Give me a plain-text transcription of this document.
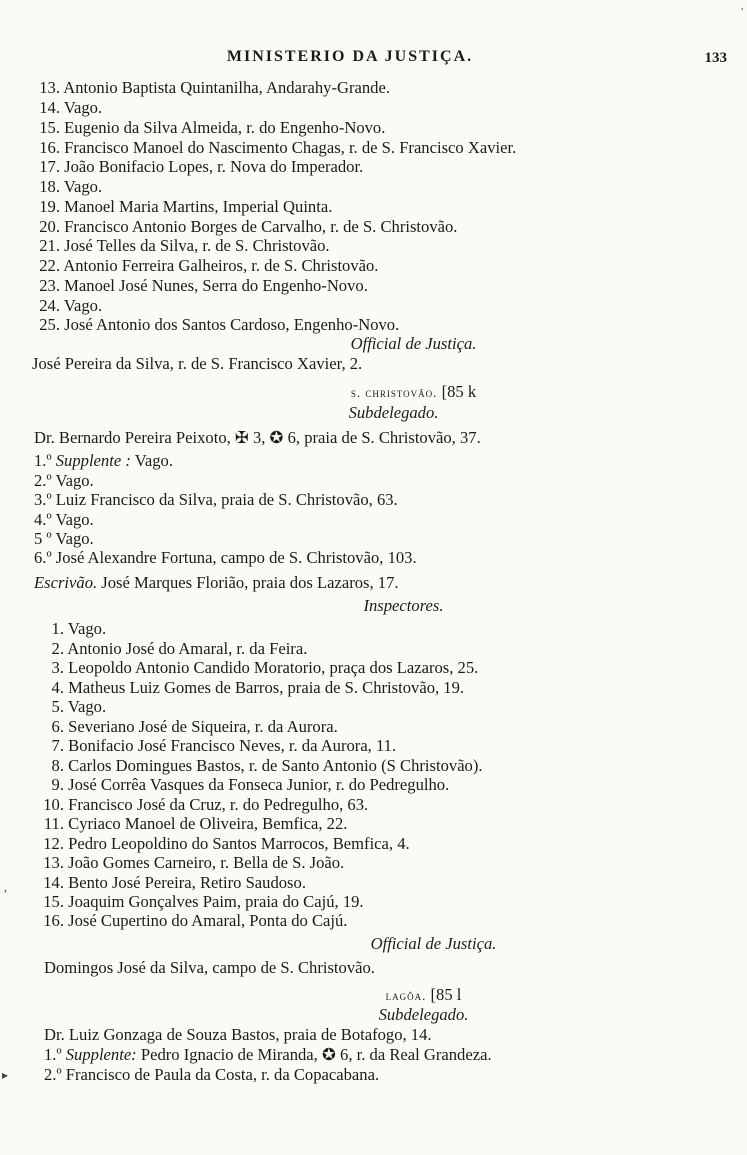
'
MINISTERIO DA JUSTIÇA.	133
13. Antonio Baptista Quintanilha, Andarahy-Grande.
14. Vago.
15. Eugenio da Silva Almeida, r. do Engenho-Novo.
16. Francisco Manoel do Nascimento Chagas, r. de S. Francisco Xavier.
17. João Bonifacio Lopes, r. Nova do Imperador.
18. Vago.
19. Manoel Maria Martins, Imperial Quinta.
20. Francisco Antonio Borges de Carvalho, r. de S. Christovão.
21. José Telles da Silva, r. de S. Christovão.
22. Antonio Ferreira Galheiros, r. de S. Christovão.
23. Manoel José Nunes, Serra do Engenho-Novo.
24. Vago.
25. José Antonio dos Santos Cardoso, Engenho-Novo.
Official de Justiça.
José Pereira da Silva, r. de S. Francisco Xavier, 2.
s. christovão. [85 k
Subdelegado.
Dr. Bernardo Pereira Peixoto, ✠ 3, ✪ 6, praia de S. Christovão, 37.
1.º Supplente : Vago.
2.º Vago.
3.º Luiz Francisco da Silva, praia de S. Christovão, 63.
4.º Vago.
5 º Vago.
6.º José Alexandre Fortuna, campo de S. Christovão, 103.
Escrivão. José Marques Florião, praia dos Lazaros, 17.
Inspectores.
1. Vago.
2. Antonio José do Amaral, r. da Feira.
3. Leopoldo Antonio Candido Moratorio, praça dos Lazaros, 25.
4. Matheus Luiz Gomes de Barros, praia de S. Christovão, 19.
5. Vago.
6. Severiano José de Siqueira, r. da Aurora.
7. Bonifacio José Francisco Neves, r. da Aurora, 11.
8. Carlos Domingues Bastos, r. de Santo Antonio (S Christovão).
9. José Corrêa Vasques da Fonseca Junior, r. do Pedregulho.
10. Francisco José da Cruz, r. do Pedregulho, 63.
11. Cyriaco Manoel de Oliveira, Bemfica, 22.
12. Pedro Leopoldino do Santos Marrocos, Bemfica, 4.
13. João Gomes Carneiro, r. Bella de S. João.
14. Bento José Pereira, Retiro Saudoso.
15. Joaquim Gonçalves Paim, praia do Cajú, 19.
16. José Cupertino do Amaral, Ponta do Cajú.
Official de Justiça.
Domingos José da Silva, campo de S. Christovão.
lagôa. [85 l
Subdelegado.
Dr. Luiz Gonzaga de Souza Bastos, praia de Botafogo, 14.
1.º Supplente: Pedro Ignacio de Miranda, ✪ 6, r. da Real Grandeza.
2.º Francisco de Paula da Costa, r. da Copacabana.
,
▸
